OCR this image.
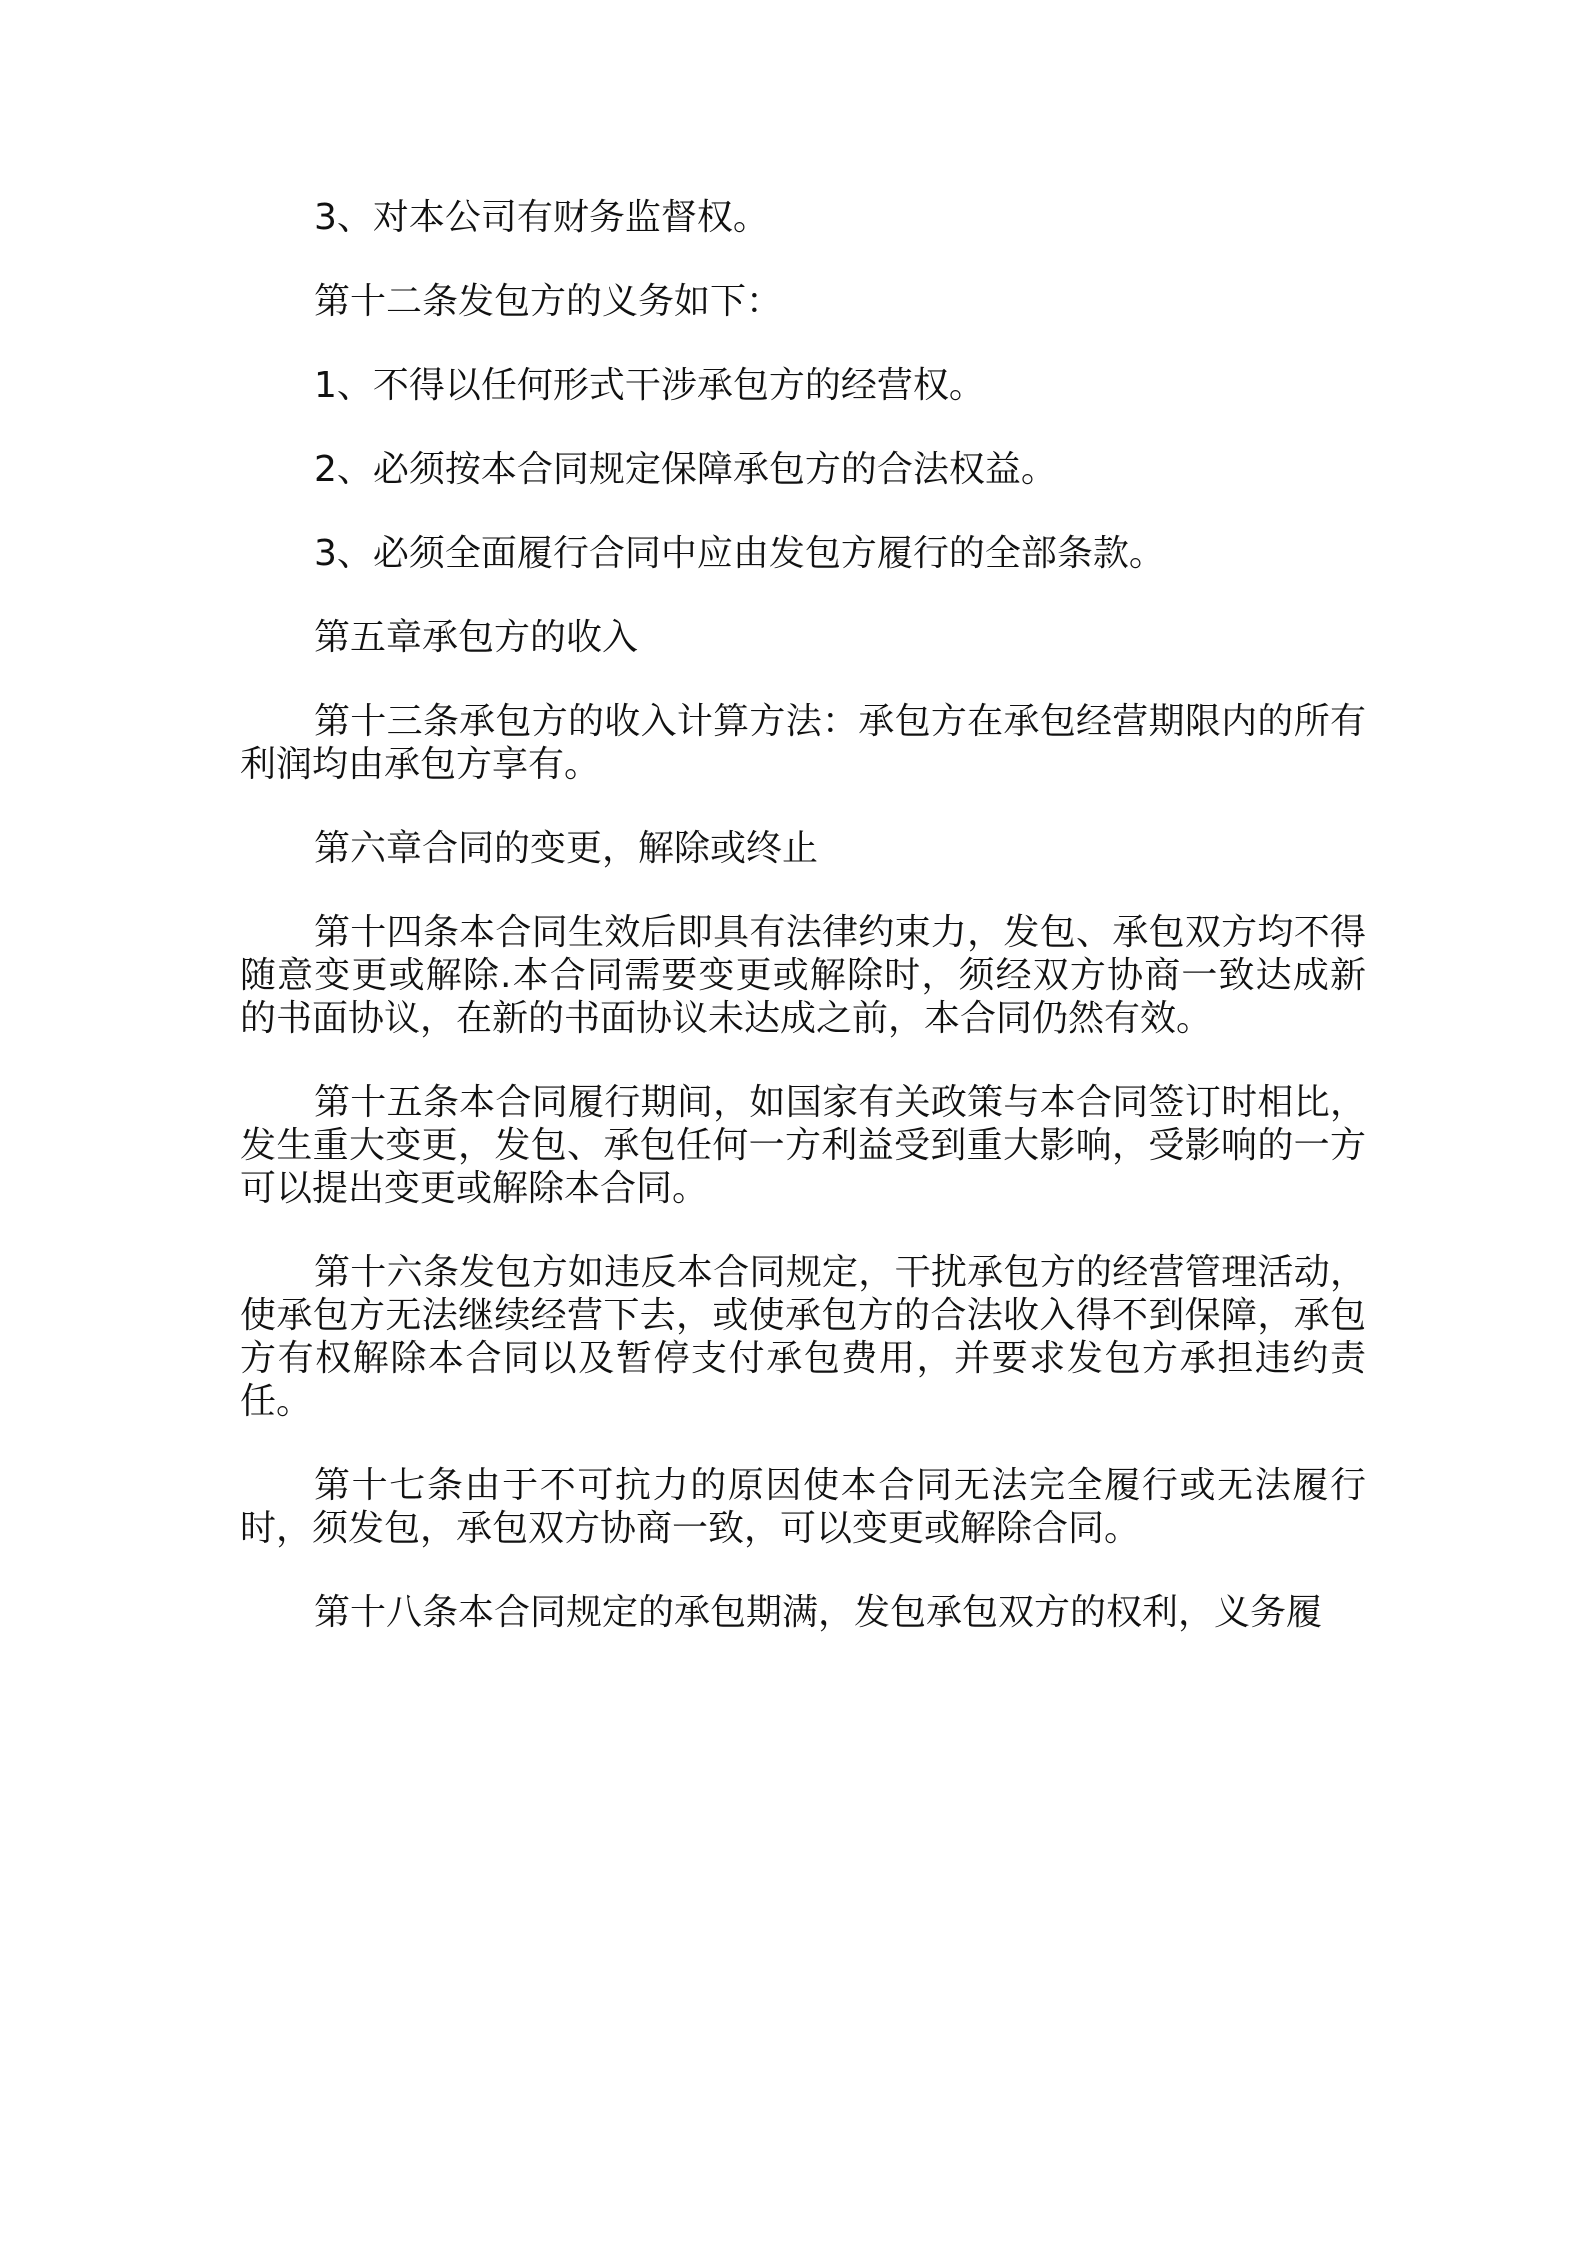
3、对本公司有财务监督权。

第十二条发包方的义务如下：

1、不得以任何形式干涉承包方的经营权。

2、必须按本合同规定保障承包方的合法权益。

3、必须全面履行合同中应由发包方履行的全部条款。

第五章承包方的收入

第十三条承包方的收入计算方法：承包方在承包经营期限内的所有利润均由承包方享有。

第六章合同的变更，解除或终止

第十四条本合同生效后即具有法律约束力，发包、承包双方均不得随意变更或解除.本合同需要变更或解除时，须经双方协商一致达成新的书面协议，在新的书面协议未达成之前，本合同仍然有效。

第十五条本合同履行期间，如国家有关政策与本合同签订时相比，发生重大变更，发包、承包任何一方利益受到重大影响，受影响的一方可以提出变更或解除本合同。

第十六条发包方如违反本合同规定，干扰承包方的经营管理活动，使承包方无法继续经营下去，或使承包方的合法收入得不到保障，承包方有权解除本合同以及暂停支付承包费用，并要求发包方承担违约责任。

第十七条由于不可抗力的原因使本合同无法完全履行或无法履行时，须发包，承包双方协商一致，可以变更或解除合同。

第十八条本合同规定的承包期满，发包承包双方的权利，义务履
